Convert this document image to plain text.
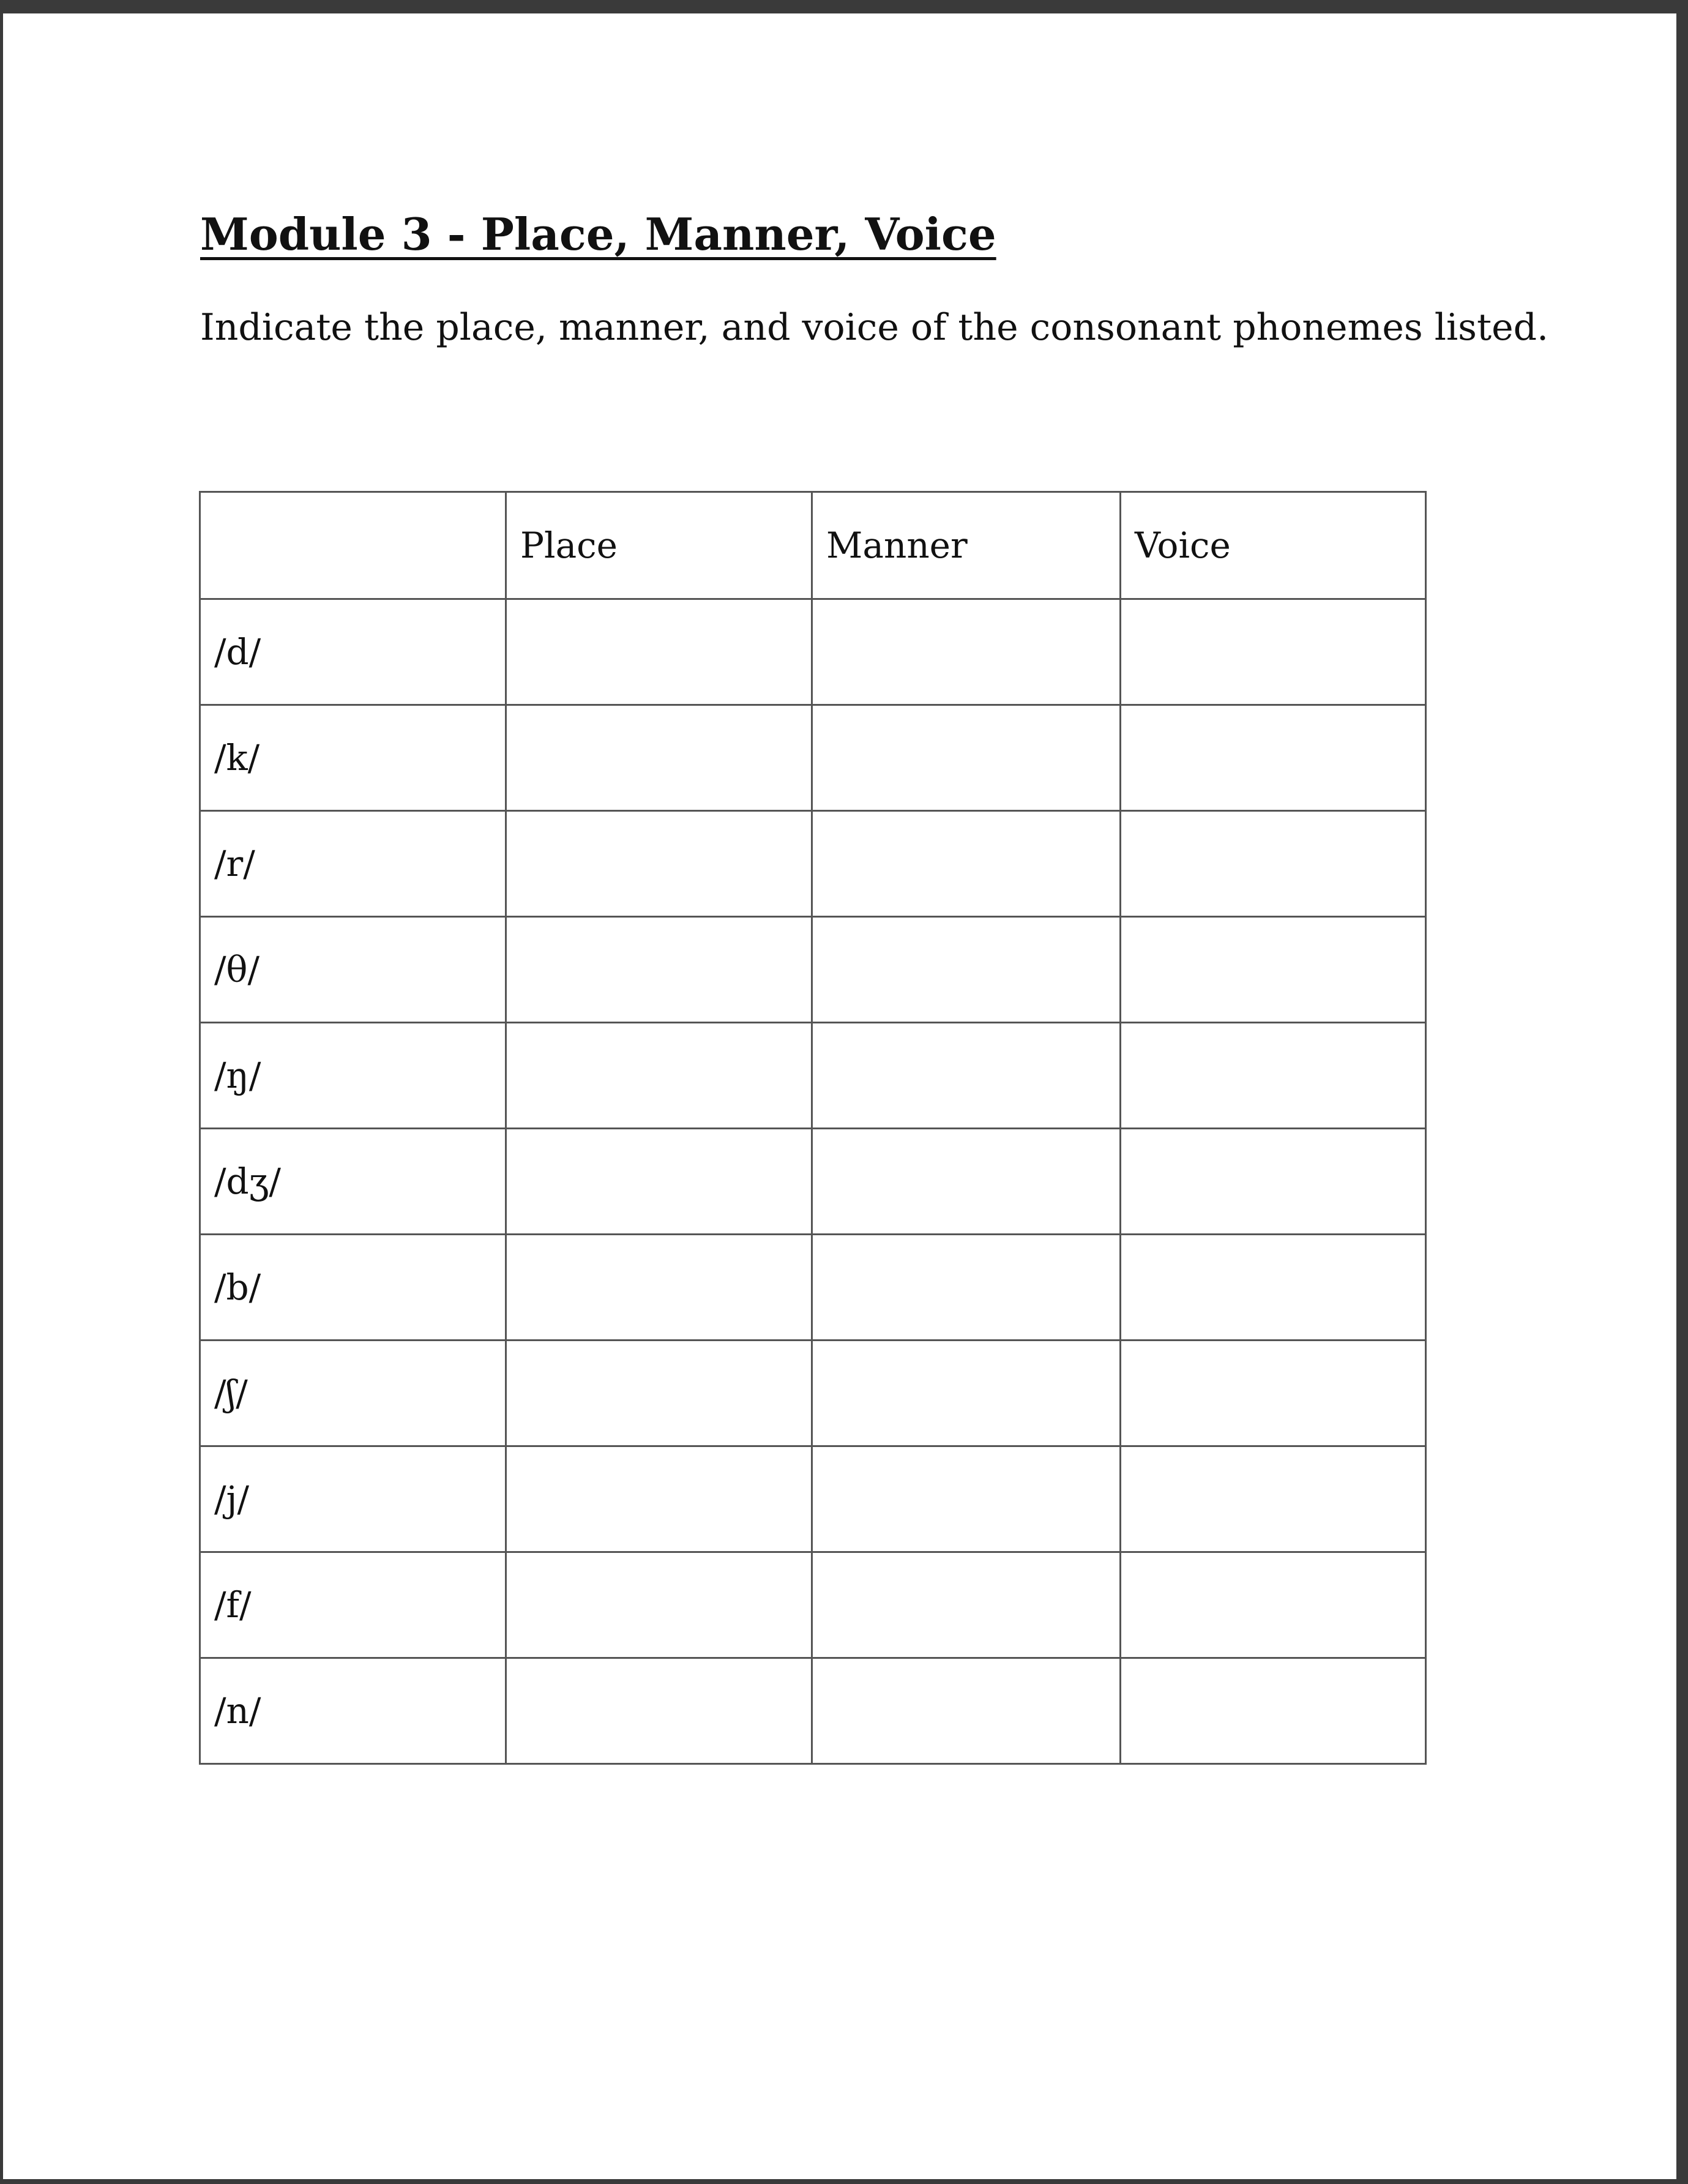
Module 3 - Place, Manner, Voice

Indicate the place, manner, and voice of the consonant phonemes listed.

	Place	Manner	Voice
/d/			
/k/			
/r/			
/θ/			
/ŋ/			
/dʒ/			
/b/			
/ʃ/			
/j/			
/f/			
/n/			
